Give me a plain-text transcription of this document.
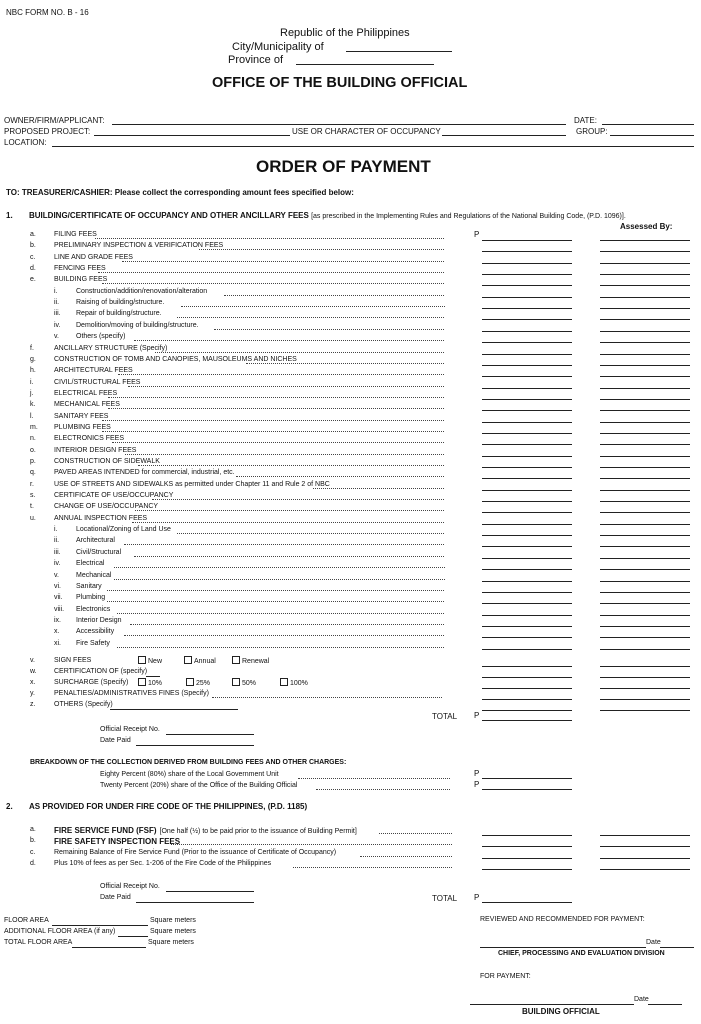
NBC FORM NO. B - 16
Republic of the Philippines
City/Municipality of
Province of
OFFICE OF THE BUILDING OFFICIAL
OWNER/FIRM/APPLICANT:	DATE:
PROPOSED PROJECT:	USE OR CHARACTER OF OCCUPANCY	GROUP:
LOCATION:
ORDER OF PAYMENT
TO: TREASURER/CASHIER: Please collect the corresponding amount fees specified below:
1. BUILDING/CERTIFICATE OF OCCUPANCY AND OTHER ANCILLARY FEES [as prescribed in the Implementing Rules and Regulations of the National Building Code, (P.D. 1096)].
Assessed By:
a.	FILING FEES	P
b.	PRELIMINARY INSPECTION & VERIFICATION FEES
c.	LINE AND GRADE FEES
d.	FENCING FEES
e.	BUILDING FEES
i.	Construction/addition/renovation/alteration
ii. Raising of building/structure.
iii. Repair of building/structure.
iv. Demolition/moving of building/structure.
v. Others (specify)
f.	ANCILLARY STRUCTURE (Specify)
g.	CONSTRUCTION OF TOMB AND CANOPIES, MAUSOLEUMS AND NICHES
h.	ARCHITECTURAL FEES
i.	CIVIL/STRUCTURAL FEES
j.	ELECTRICAL FEES
k.	MECHANICAL FEES
l.	SANITARY FEES
m. PLUMBING FEES
n.	ELECTRONICS FEES
o.	INTERIOR DESIGN FEES
p.	CONSTRUCTION OF SIDEWALK
q.	PAVED AREAS INTENDED for commercial, industrial, etc.
r.	USE OF STREETS AND SIDEWALKS as permitted under Chapter 11 and Rule 2 of NBC
s.	CERTIFICATE OF USE/OCCUPANCY
t.	CHANGE OF USE/OCCUPANCY
u.	ANNUAL INSPECTION FEES
i.	Locational/Zoning of Land Use
ii. Architectural
iii. Civil/Structural
iv. Electrical
v. Mechanical
vi. Sanitary
vii. Plumbing
viii. Electronics
ix. Interior Design
x. Accessibility
xi. Fire Safety
v.	SIGN FEES	New	Annual	Renewal
w. CERTIFICATION OF (specify)
x.	SURCHARGE (Specify)	10%	25%	50%	100%
y.	PENALTIES/ADMINISTRATIVES FINES (Specify)
z.	OTHERS (Specify)
TOTAL P
Official Receipt No.
Date Paid
BREAKDOWN OF THE COLLECTION DERIVED FROM BUILDING FEES AND OTHER CHARGES:
Eighty Percent (80%) share of the Local Government Unit	P
Twenty Percent (20%) share of the Office of the Building Official	P
2. AS PROVIDED FOR UNDER FIRE CODE OF THE PHILIPPINES, (P.D. 1185)
a. FIRE SERVICE FUND (FSF) [One half (½) to be paid prior to the issuance of Building Permit]
b. FIRE SAFETY INSPECTION FEES
c.	Remaining Balance of Fire Service Fund (Prior to the issuance of Certificate of Occupancy)
d.	Plus 10% of fees as per Sec. 1-206 of the Fire Code of the Philippines
Official Receipt No.
Date Paid	TOTAL P
FLOOR AREA	Square meters
ADDITIONAL FLOOR AREA (if any)	Square meters
TOTAL FLOOR AREA	Square meters
REVIEWED AND RECOMMENDED FOR PAYMENT:
Date
CHIEF, PROCESSING AND EVALUATION DIVISION
FOR PAYMENT:
Date
BUILDING OFFICIAL
